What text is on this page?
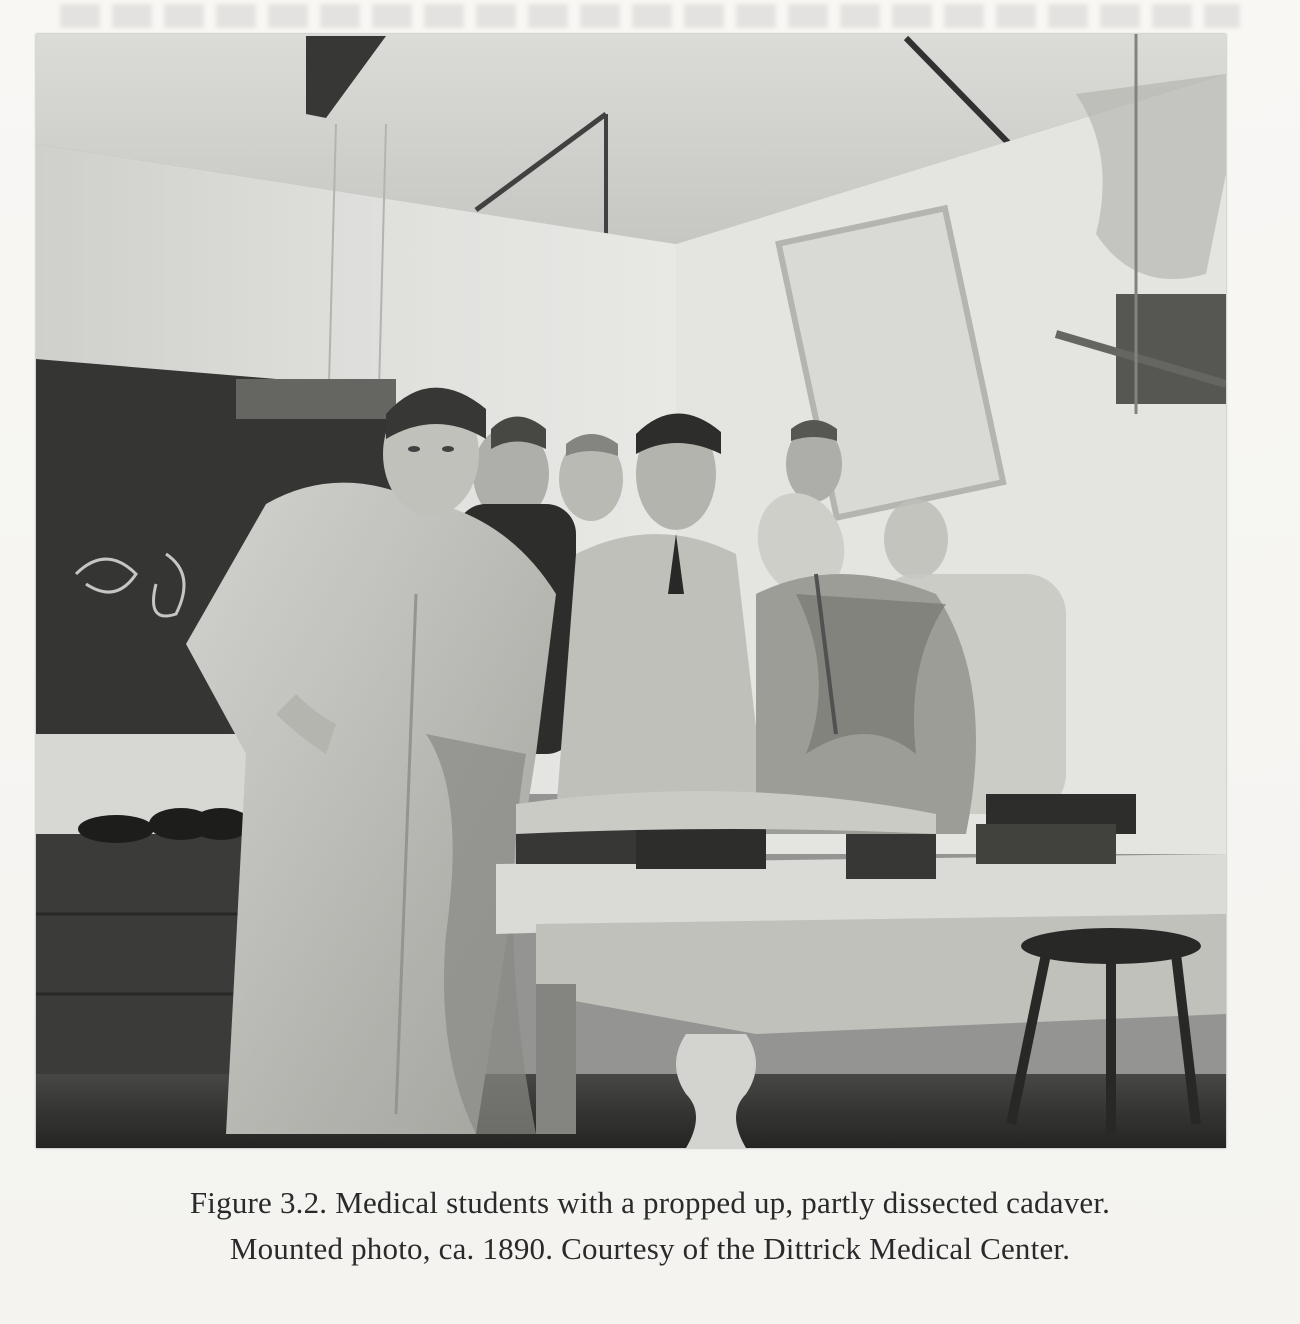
Figure 3.2. Medical students with a propped up, partly dissected cadaver.
Mounted photo, ca. 1890. Courtesy of the Dittrick Medical Center.
